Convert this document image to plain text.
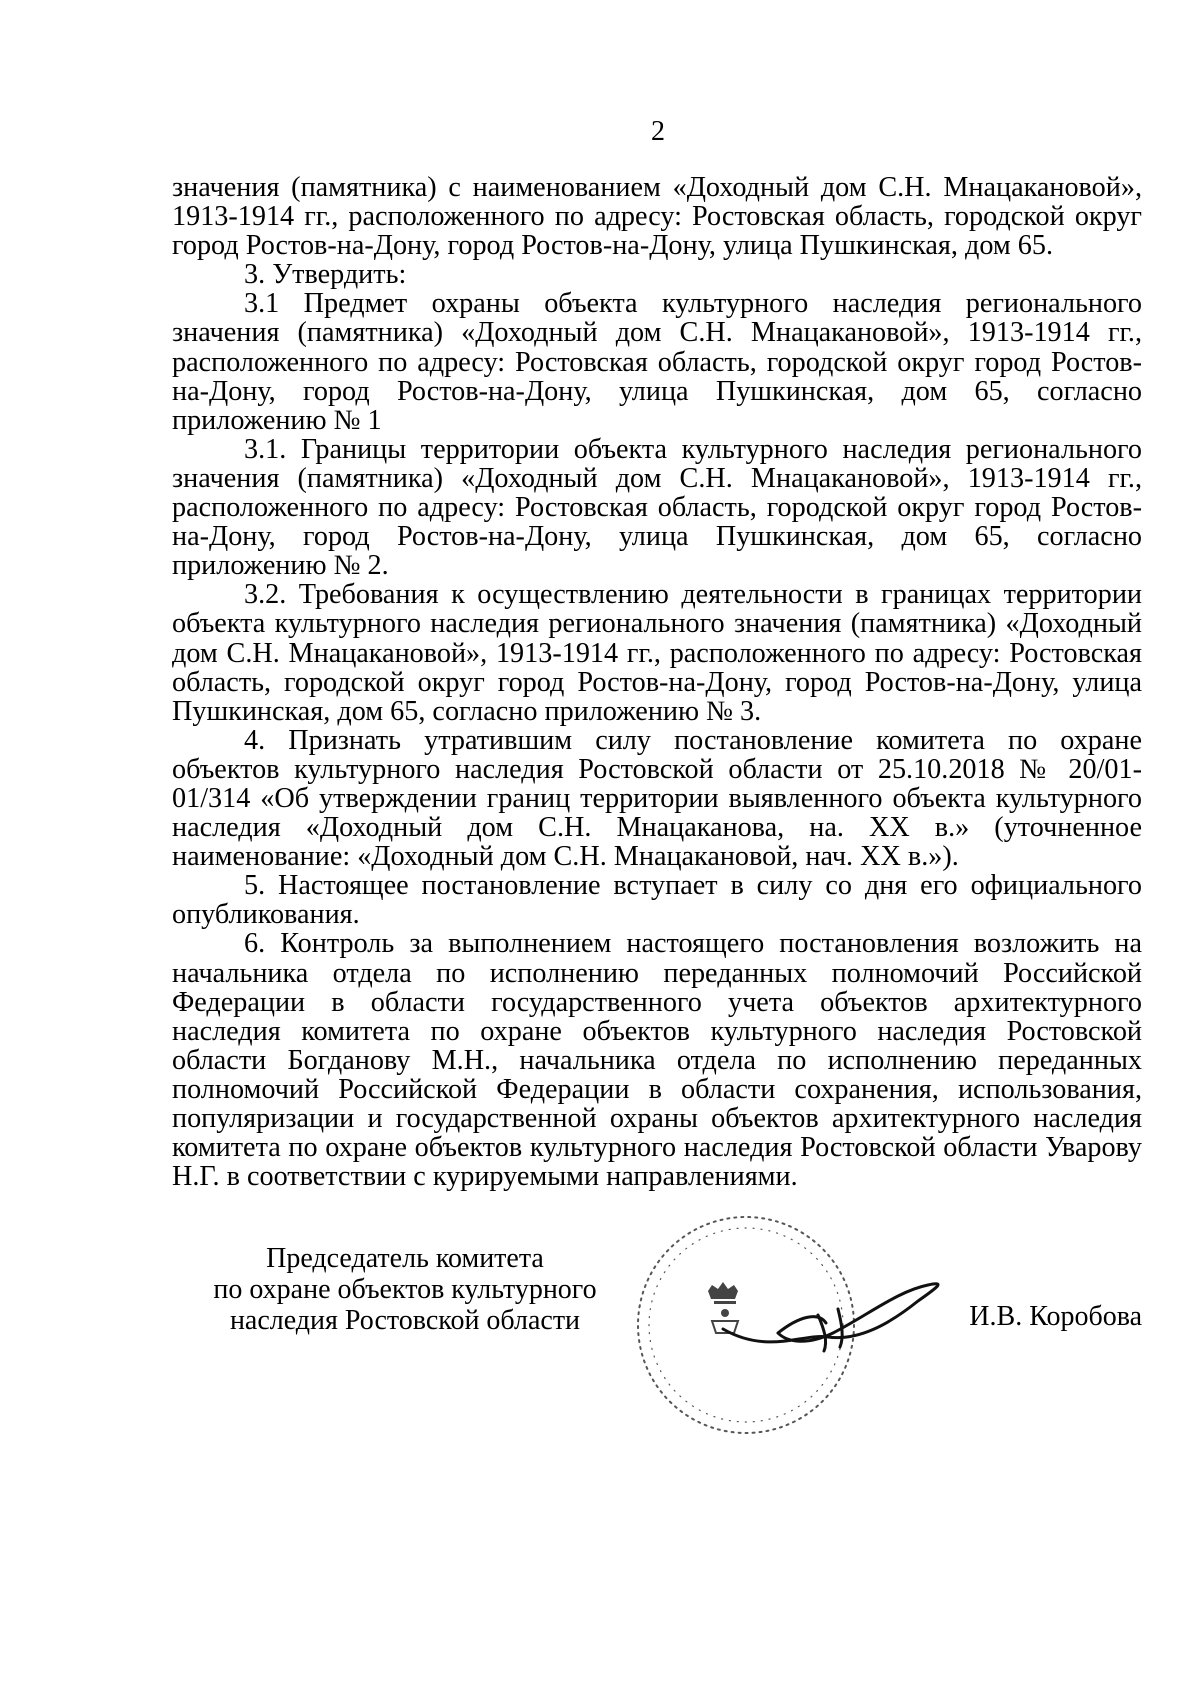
2

значения (памятника) с наименованием «Доходный дом С.Н. Мнацакановой», 1913-1914 гг., расположенного по адресу: Ростовская область, городской округ город Ростов-на-Дону, город Ростов-на-Дону, улица Пушкинская, дом 65.

3. Утвердить:

3.1 Предмет охраны объекта культурного наследия регионального значения (памятника) «Доходный дом С.Н. Мнацакановой», 1913-1914 гг., расположенного по адресу: Ростовская область, городской округ город Ростов-на-Дону, город Ростов-на-Дону, улица Пушкинская, дом 65, согласно приложению № 1

3.1. Границы территории объекта культурного наследия регионального значения (памятника) «Доходный дом С.Н. Мнацакановой», 1913-1914 гг., расположенного по адресу: Ростовская область, городской округ город Ростов-на-Дону, город Ростов-на-Дону, улица Пушкинская, дом 65, согласно приложению № 2.

3.2. Требования к осуществлению деятельности в границах территории объекта культурного наследия регионального значения (памятника) «Доходный дом С.Н. Мнацакановой», 1913-1914 гг., расположенного по адресу: Ростовская область, городской округ город Ростов-на-Дону, город Ростов-на-Дону, улица Пушкинская, дом 65, согласно приложению № 3.

4. Признать утратившим силу постановление комитета по охране объектов культурного наследия Ростовской области от 25.10.2018 № 20/01-01/314 «Об утверждении границ территории выявленного объекта культурного наследия «Доходный дом С.Н. Мнацаканова, на. XX в.» (уточненное наименование: «Доходный дом С.Н. Мнацакановой, нач. XX в.»).

5. Настоящее постановление вступает в силу со дня его официального опубликования.

6. Контроль за выполнением настоящего постановления возложить на начальника отдела по исполнению переданных полномочий Российской Федерации в области государственного учета объектов архитектурного наследия комитета по охране объектов культурного наследия Ростовской области Богданову М.Н., начальника отдела по исполнению переданных полномочий Российской Федерации в области сохранения, использования, популяризации и государственной охраны объектов архитектурного наследия комитета по охране объектов культурного наследия Ростовской области Уварову Н.Г. в соответствии с курируемыми направлениями.

Председатель комитета
по охране объектов культурного
наследия Ростовской области	И.В. Коробова
